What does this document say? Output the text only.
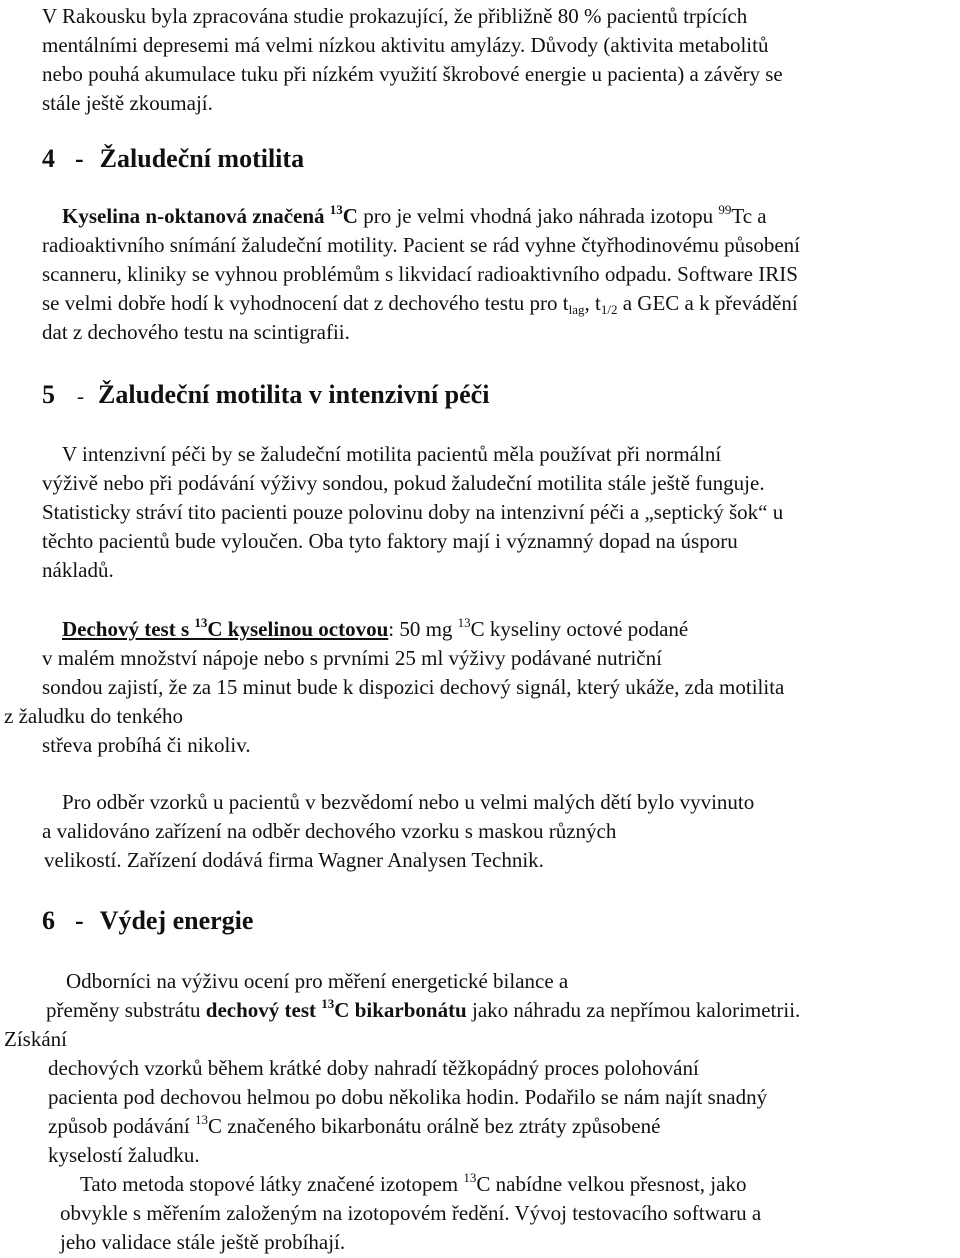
V Rakousku byla zpracována studie prokazující, že přibližně 80 % pacientů trpících
mentálními depresemi má velmi nízkou aktivitu amylázy. Důvody (aktivita metabolitů
nebo pouhá akumulace tuku při nízkém využití škrobové energie u pacienta) a závěry se
stále ještě zkoumají.
4 - Žaludeční motilita
Kyselina n-oktanová značená $^{13}$C pro je velmi vhodná jako náhrada izotopu $^{99}$Tc a
radioaktivního snímání žaludeční motility. Pacient se rád vyhne čtyřhodinovému působení
scanneru, kliniky se vyhnou problémům s likvidací radioaktivního odpadu. Software IRIS
se velmi dobře hodí k vyhodnocení dat z dechového testu pro $t_{lag}$, $t_{1/2}$ a GEC a k převádění
dat z dechového testu na scintigrafii.
5 - Žaludeční motilita v intenzivní péči
V intenzivní péči by se žaludeční motilita pacientů měla používat při normální
výživě nebo při podávání výživy sondou, pokud žaludeční motilita stále ještě funguje.
Statisticky stráví tito pacienti pouze polovinu doby na intenzivní péči a „septický šok“ u
těchto pacientů bude vyloučen. Oba tyto faktory mají i významný dopad na úsporu
nákladů.
Dechový test s $^{13}$C kyselinou octovou: 50 mg $^{13}$C kyseliny octové podané
v malém množství nápoje nebo s prvními 25 ml výživy podávané nutriční
sondou zajistí, že za 15 minut bude k dispozici dechový signál, který ukáže, zda motilita
z žaludku do tenkého
střeva probíhá či nikoliv.
Pro odběr vzorků u pacientů v bezvědomí nebo u velmi malých dětí bylo vyvinuto
a validováno zařízení na odběr dechového vzorku s maskou různých
velikostí. Zařízení dodává firma Wagner Analysen Technik.
6 - Výdej energie
Odborníci na výživu ocení pro měření energetické bilance a
přeměny substrátu dechový test $^{13}$C bikarbonátu jako náhradu za nepřímou kalorimetrii.
Získání
dechových vzorků během krátké doby nahradí těžkopádný proces polohování
pacienta pod dechovou helmou po dobu několika hodin. Podařilo se nám najít snadný
způsob podávání $^{13}$C značeného bikarbonátu orálně bez ztráty způsobené
kyselostí žaludku.
Tato metoda stopové látky značené izotopem $^{13}$C nabídne velkou přesnost, jako
obvykle s měřením založeným na izotopovém ředění. Vývoj testovacího softwaru a
jeho validace stále ještě probíhají.
